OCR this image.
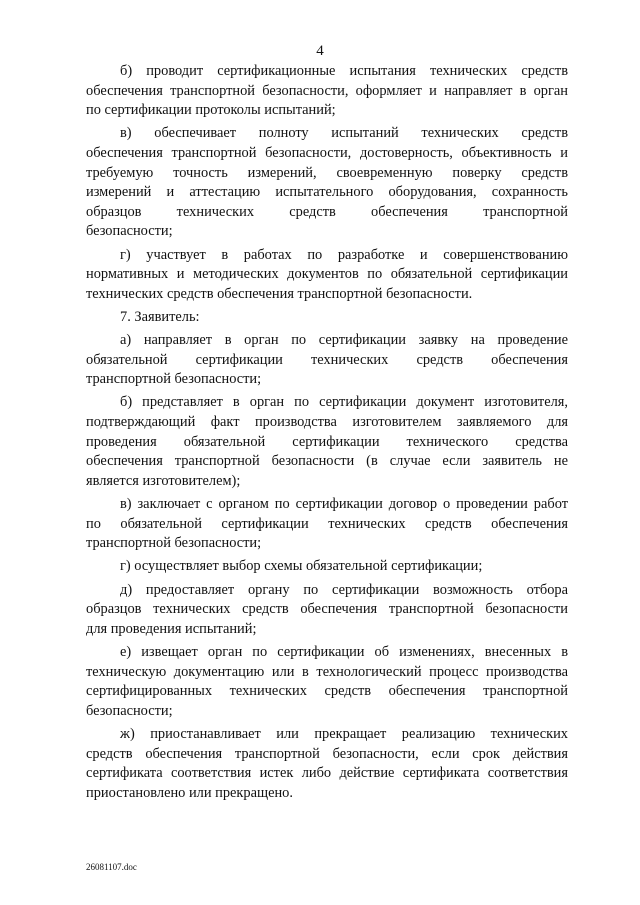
4
б) проводит сертификационные испытания технических средств
обеспечения транспортной безопасности, оформляет и направляет в орган
по сертификации протоколы испытаний;
в) обеспечивает полноту испытаний технических средств
обеспечения транспортной безопасности, достоверность, объективность и
требуемую точность измерений, своевременную поверку средств
измерений и аттестацию испытательного оборудования, сохранность
образцов технических средств обеспечения транспортной
безопасности;
г) участвует в работах по разработке и совершенствованию
нормативных и методических документов по обязательной сертификации
технических средств обеспечения транспортной безопасности.
7. Заявитель:
а) направляет в орган по сертификации заявку на проведение
обязательной сертификации технических средств обеспечения
транспортной безопасности;
б) представляет в орган по сертификации документ изготовителя,
подтверждающий факт производства изготовителем заявляемого для
проведения обязательной сертификации технического средства
обеспечения транспортной безопасности (в случае если заявитель не
является изготовителем);
в) заключает с органом по сертификации договор о проведении работ
по обязательной сертификации технических средств обеспечения
транспортной безопасности;
г) осуществляет выбор схемы обязательной сертификации;
д) предоставляет органу по сертификации возможность отбора
образцов технических средств обеспечения транспортной безопасности
для проведения испытаний;
е) извещает орган по сертификации об изменениях, внесенных в
техническую документацию или в технологический процесс производства
сертифицированных технических средств обеспечения транспортной
безопасности;
ж) приостанавливает или прекращает реализацию технических
средств обеспечения транспортной безопасности, если срок действия
сертификата соответствия истек либо действие сертификата соответствия
приостановлено или прекращено.
26081107.doc
